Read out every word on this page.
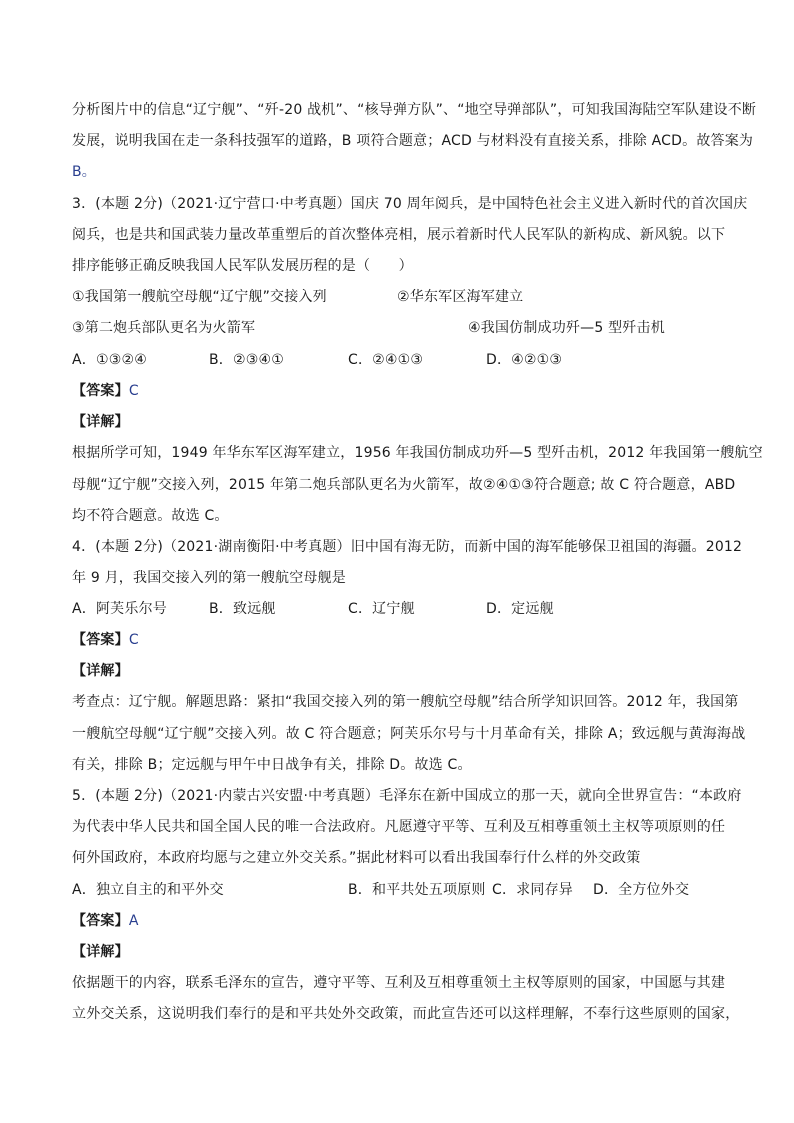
分析图片中的信息“辽宁舰”、“歼-20 战机”、“核导弹方队”、“地空导弹部队”，可知我国海陆空军队建设不断

发展，说明我国在走一条科技强军的道路，B 项符合题意；ACD 与材料没有直接关系，排除 ACD。故答案为

B。

3．(本题 2分)（2021·辽宁营口·中考真题）国庆 70 周年阅兵，是中国特色社会主义进入新时代的首次国庆

阅兵，也是共和国武装力量改革重塑后的首次整体亮相，展示着新时代人民军队的新构成、新风貌。以下

排序能够正确反映我国人民军队发展历程的是（　　）

①我国第一艘航空母舰“辽宁舰”交接入列	②华东军区海军建立
③第二炮兵部队更名为火箭军	④我国仿制成功歼—5 型歼击机
A．①③②④	B．②③④①	C．②④①③	D．④②①③

【答案】C

【详解】

根据所学可知，1949 年华东军区海军建立，1956 年我国仿制成功歼—5 型歼击机，2012 年我国第一艘航空

母舰“辽宁舰”交接入列，2015 年第二炮兵部队更名为火箭军，故②④①③符合题意; 故 C 符合题意，ABD

均不符合题意。故选 C。

4．(本题 2分)（2021·湖南衡阳·中考真题）旧中国有海无防，而新中国的海军能够保卫祖国的海疆。2012

年 9 月，我国交接入列的第一艘航空母舰是

A．阿芙乐尔号	B．致远舰	C．辽宁舰	D．定远舰

【答案】C

【详解】

考查点：辽宁舰。解题思路：紧扣“我国交接入列的第一艘航空母舰”结合所学知识回答。2012 年，我国第

一艘航空母舰“辽宁舰”交接入列。故 C 符合题意；阿芙乐尔号与十月革命有关，排除 A；致远舰与黄海海战

有关，排除 B；定远舰与甲午中日战争有关，排除 D。故选 C。

5．(本题 2分)（2021·内蒙古兴安盟·中考真题）毛泽东在新中国成立的那一天，就向全世界宣告：“本政府

为代表中华人民共和国全国人民的唯一合法政府。凡愿遵守平等、互利及互相尊重领土主权等项原则的任

何外国政府，本政府均愿与之建立外交关系。”据此材料可以看出我国奉行什么样的外交政策

A．独立自主的和平外交	B．和平共处五项原则 C．求同存异 D．全方位外交

【答案】A

【详解】

依据题干的内容，联系毛泽东的宣告，遵守平等、互利及互相尊重领土主权等原则的国家，中国愿与其建

立外交关系，这说明我们奉行的是和平共处外交政策，而此宣告还可以这样理解，不奉行这些原则的国家，
